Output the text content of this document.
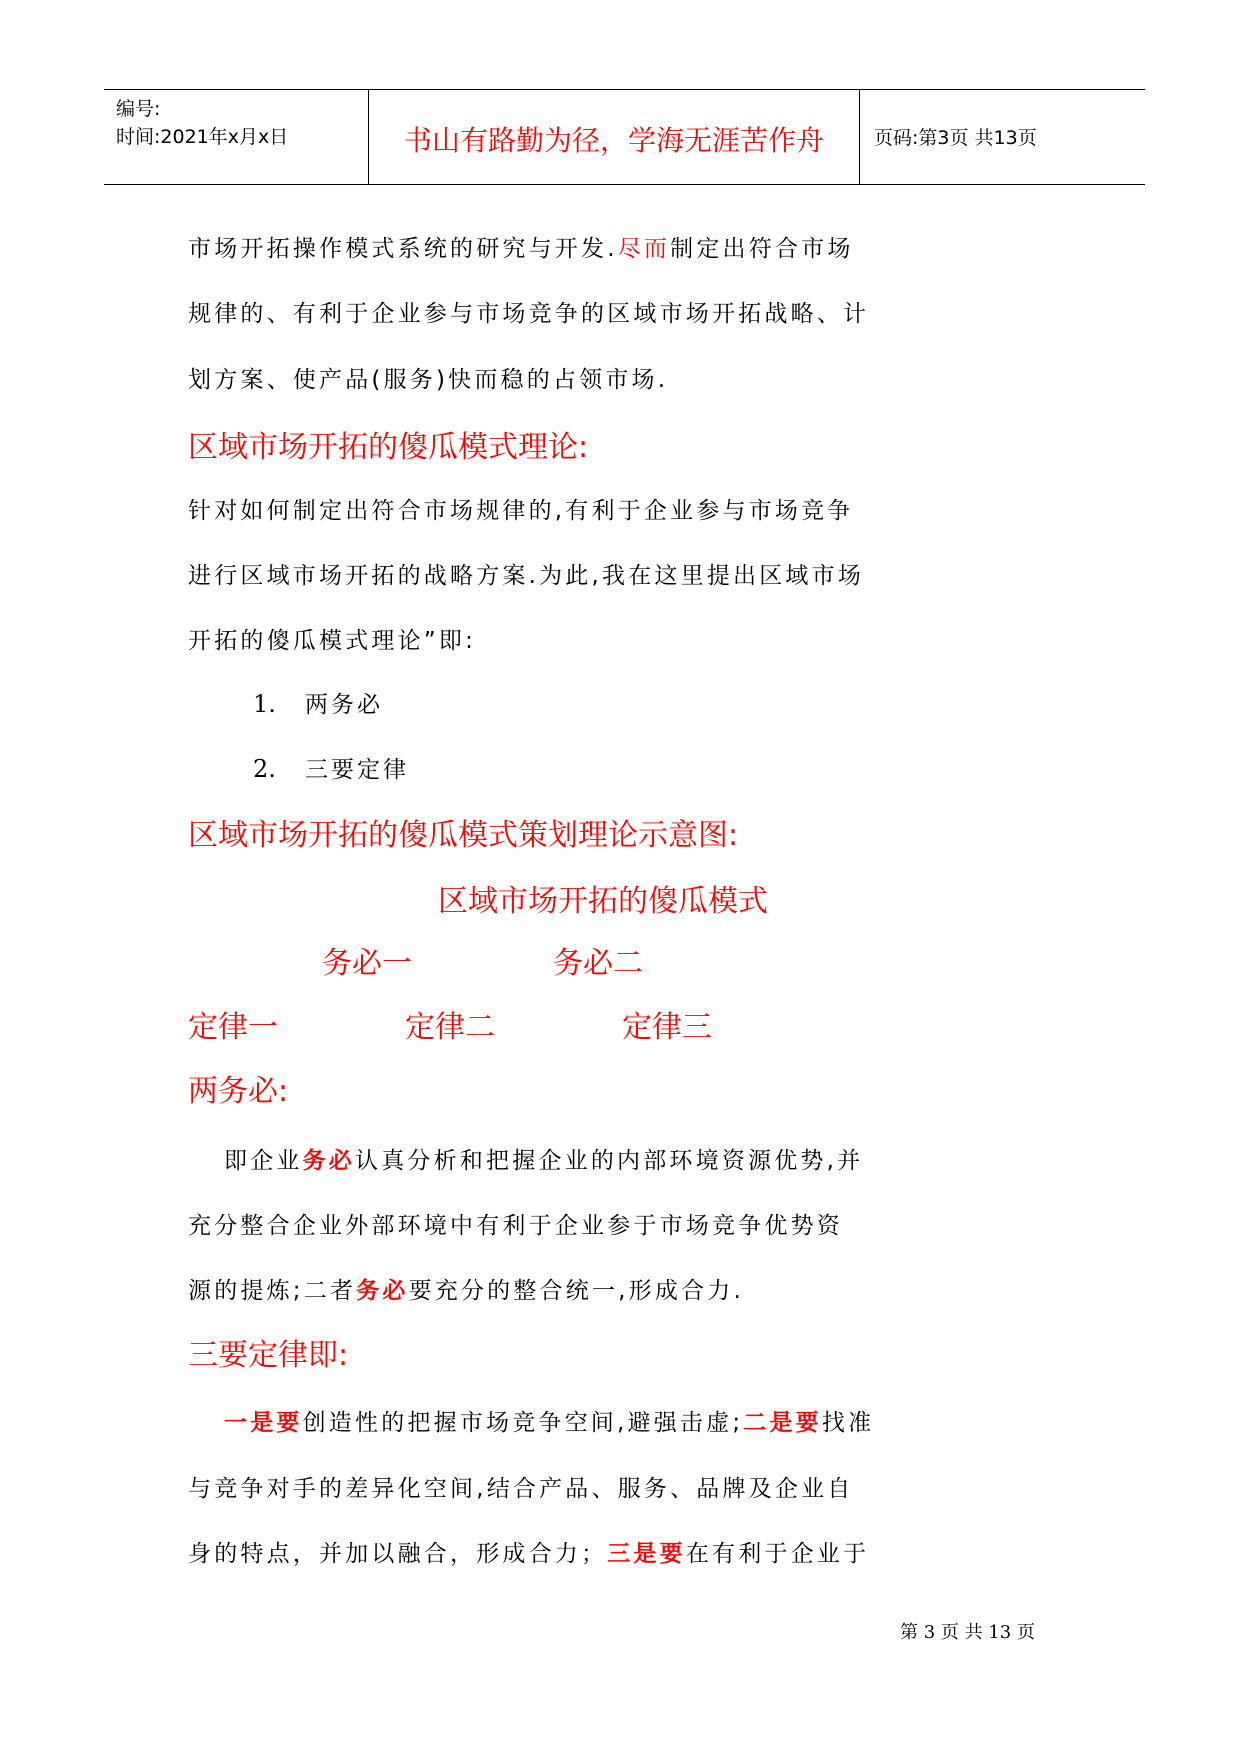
编号:
时间:2021年x月x日	书山有路勤为径，学海无涯苦作舟	页码:第3页 共13页
市场开拓操作模式系统的研究与开发.尽而制定出符合市场
规律的、有利于企业参与市场竞争的区域市场开拓战略、计
划方案、使产品(服务)快而稳的占领市场.
区域市场开拓的傻瓜模式理论:
针对如何制定出符合市场规律的,有利于企业参与市场竞争
进行区域市场开拓的战略方案.为此,我在这里提出区域市场
开拓的傻瓜模式理论”即:
1. 两务必
2. 三要定律
区域市场开拓的傻瓜模式策划理论示意图:
区域市场开拓的傻瓜模式
务必一	务必二
定律一	定律二	定律三
两务必:
即企业务必认真分析和把握企业的内部环境资源优势,并
充分整合企业外部环境中有利于企业参于市场竞争优势资
源的提炼;二者务必要充分的整合统一,形成合力.
三要定律即:
一是要创造性的把握市场竞争空间,避强击虚;二是要找准
与竞争对手的差异化空间,结合产品、服务、品牌及企业自
身的特点，并加以融合，形成合力；三是要在有利于企业于
第 3 页 共 13 页
